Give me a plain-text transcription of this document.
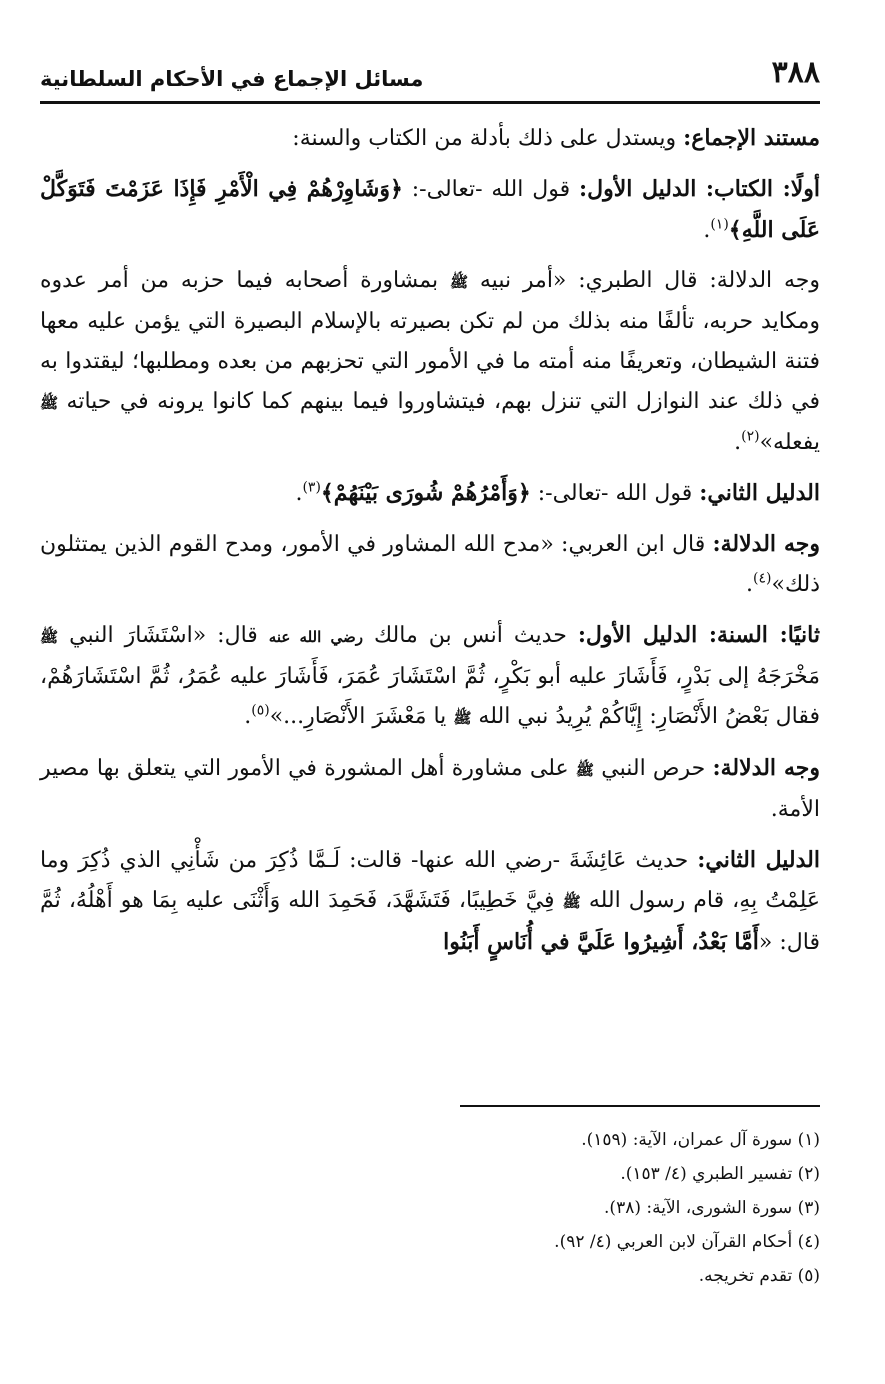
٣٨٨
مسائل الإجماع في الأحكام السلطانية

مستند الإجماع: ويستدل على ذلك بأدلة من الكتاب والسنة:

أولًا: الكتاب: الدليل الأول: قول الله -تعالى-: ﴿وَشَاوِرْهُمْ فِي الْأَمْرِ فَإِذَا عَزَمْتَ فَتَوَكَّلْ عَلَى اللَّهِ﴾$^{(١)}$.

وجه الدلالة: قال الطبري: «أمر نبيه ﷺ بمشاورة أصحابه فيما حزبه من أمر عدوه ومكايد حربه، تألفًا منه بذلك من لم تكن بصيرته بالإسلام البصيرة التي يؤمن عليه معها فتنة الشيطان، وتعريفًا منه أمته ما في الأمور التي تحزبهم من بعده ومطلبها؛ ليقتدوا به في ذلك عند النوازل التي تنزل بهم، فيتشاوروا فيما بينهم كما كانوا يرونه في حياته ﷺ يفعله»$^{(٢)}$.

الدليل الثاني: قول الله -تعالى-: ﴿وَأَمْرُهُمْ شُورَى بَيْنَهُمْ﴾$^{(٣)}$.

وجه الدلالة: قال ابن العربي: «مدح الله المشاور في الأمور، ومدح القوم الذين يمتثلون ذلك»$^{(٤)}$.

ثانيًا: السنة: الدليل الأول: حديث أنس بن مالك رضي الله عنه قال: «اسْتَشَارَ النبي ﷺ مَخْرَجَهُ إلى بَدْرٍ، فَأَشَارَ عليه أبو بَكْرٍ، ثُمَّ اسْتَشَارَ عُمَرَ، فَأَشَارَ عليه عُمَرُ، ثُمَّ اسْتَشَارَهُمْ، فقال بَعْضُ الأَنْصَارِ: إِيَّاكُمْ يُرِيدُ نبي الله ﷺ يا مَعْشَرَ الأَنْصَارِ...»$^{(٥)}$.

وجه الدلالة: حرص النبي ﷺ على مشاورة أهل المشورة في الأمور التي يتعلق بها مصير الأمة.

الدليل الثاني: حديث عَائِشَةَ -رضي الله عنها- قالت: لَـمَّا ذُكِرَ من شَأْنِي الذي ذُكِرَ وما عَلِمْتُ بِهِ، قام رسول الله ﷺ فِيَّ خَطِيبًا، فَتَشَهَّدَ، فَحَمِدَ الله وَأَثْنَى عليه بِمَا هو أَهْلُهُ، ثُمَّ قال: «أَمَّا بَعْدُ، أَشِيرُوا عَلَيَّ في أُنَاسٍ أَبَنُوا

(١) سورة آل عمران، الآية: (١٥٩).

(٢) تفسير الطبري (٤/ ١٥٣).

(٣) سورة الشورى، الآية: (٣٨).

(٤) أحكام القرآن لابن العربي (٤/ ٩٢).

(٥) تقدم تخريجه.
